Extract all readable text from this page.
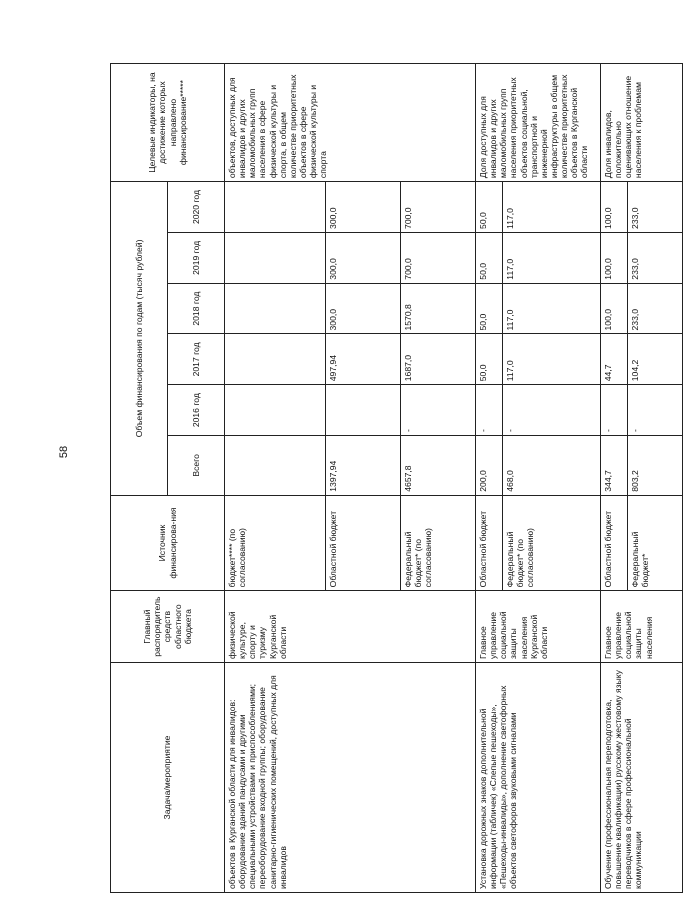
58
Задача/мероприятие	Главный распорядитель средств областного бюджета	Источник финансирова-ния	Объем финансирования по годам (тысяч рублей)						Целевые индикаторы, на достижение которых направлено финансирование*****
			Всего	2016 год	2017 год	2018 год	2019 год	2020 год	
объектов в Курганской области для инвалидов: оборудование зданий пандусами и другими специальными устройствами и приспособлениями; переоборудование входной группы; оборудование санитарно-гигиенических помещений, доступных для инвалидов	физической культуре, спорту и туризму Курганской области	бюджет**** (по согласованию)							объектов, доступных для инвалидов и других маломобильных групп населения в сфере физической культуры и спорта, в общем количестве приоритетных объектов в сфере физической культуры и спорта
		Областной бюджет	1397,94		497,94	300,0	300,0	300,0	
		Федеральный бюджет* (по согласованию)	4657,8	-	1687,0	1570,8	700,0	700,0	
Установка дорожных знаков дополнительной информации (табличек) «Слепые пешеходы», «Пешеходы-инвалиды», дополнение светофорных объектов светофоров звуковыми сигналами	Главное управление социальной защиты населения Курганской области	Областной бюджет	200,0	-	50,0	50,0	50,0	50,0	Доля доступных для инвалидов и других маломобильных групп населения приоритетных объектов социальной, транспортной и инженерной инфраструктуры в общем количестве приоритетных объектов в Курганской области
		Федеральный бюджет* (по согласованию)	468,0	-	117,0	117,0	117,0	117,0	
Обучение (профессиональная переподготовка, повышение квалификации) русскому жестовому языку переводчиков в сфере профессиональной коммуникации	Главное управление социальной защиты населения	Областной бюджет	344,7	-	44,7	100,0	100,0	100,0	Доля инвалидов, положительно оценивающих отношение населения к проблемам
		Федеральный бюджет*	803,2	-	104,2	233,0	233,0	233,0	
